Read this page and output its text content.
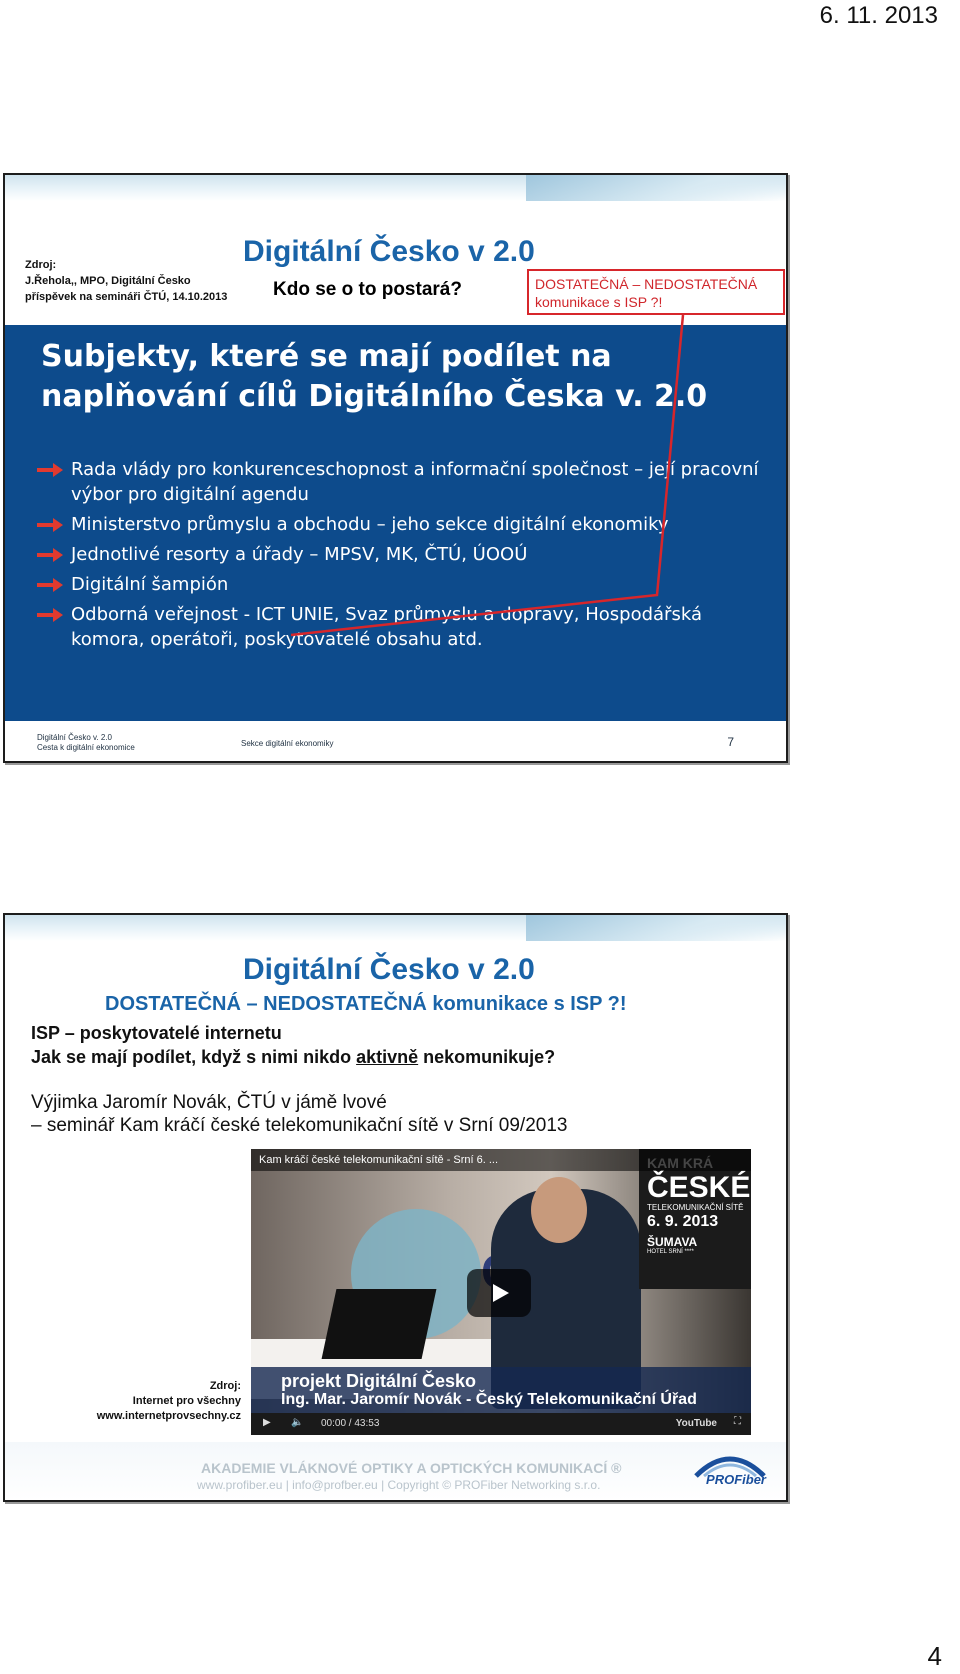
6. 11. 2013
Zdroj:
J.Řehola,, MPO, Digitální Česko
příspěvek na semináři ČTÚ, 14.10.2013
Digitální Česko v 2.0
Kdo se o to postará?	DOSTATEČNÁ – NEDOSTATEČNÁ
komunikace s ISP ?!
Subjekty, které se mají podílet na
naplňování cílů Digitálního Česka v. 2.0
Rada vlády pro konkurenceschopnost a informační společnost – její pracovní výbor pro digitální agendu
Ministerstvo průmyslu a obchodu – jeho sekce digitální ekonomiky
Jednotlivé resorty a úřady – MPSV, MK, ČTÚ, ÚOOÚ
Digitální šampión
Odborná veřejnost - ICT UNIE, Svaz průmyslu a dopravy, Hospodářská komora, operátoři, poskytovatelé obsahu atd.
Digitální Česko v. 2.0
Cesta k digitální ekonomice	Sekce digitální ekonomiky	7
Digitální Česko v 2.0
DOSTATEČNÁ – NEDOSTATEČNÁ komunikace s ISP ?!
ISP – poskytovatelé internetu
Jak se mají podílet, když s nimi nikdo aktivně nekomunikuje?
Výjimka Jaromír Novák, ČTÚ v jámě lvové
– seminář Kam kráčí české telekomunikační sítě v Srní 09/2013
ČESKÉ
TELEKOMUNIKAČNÍ SÍTĚ
6. 9. 2013
ŠUMAVA
HOTEL SRNÍ ****
Kam kráčí české telekomunikační sítě - Srní 6. ...
projekt Digitální Česko
Ing. Mar. Jaromír Novák - Český Telekomunikační Úřad
▶ 🔈 00:00 / 43:53	YouTube ⛶
Zdroj:
Internet pro všechny
www.internetprovsechny.cz
AKADEMIE VLÁKNOVÉ OPTIKY A OPTICKÝCH KOMUNIKACÍ ®
www.profiber.eu | info@profber.eu | Copyright © PROFiber Networking s.r.o.	PROFiber
4
